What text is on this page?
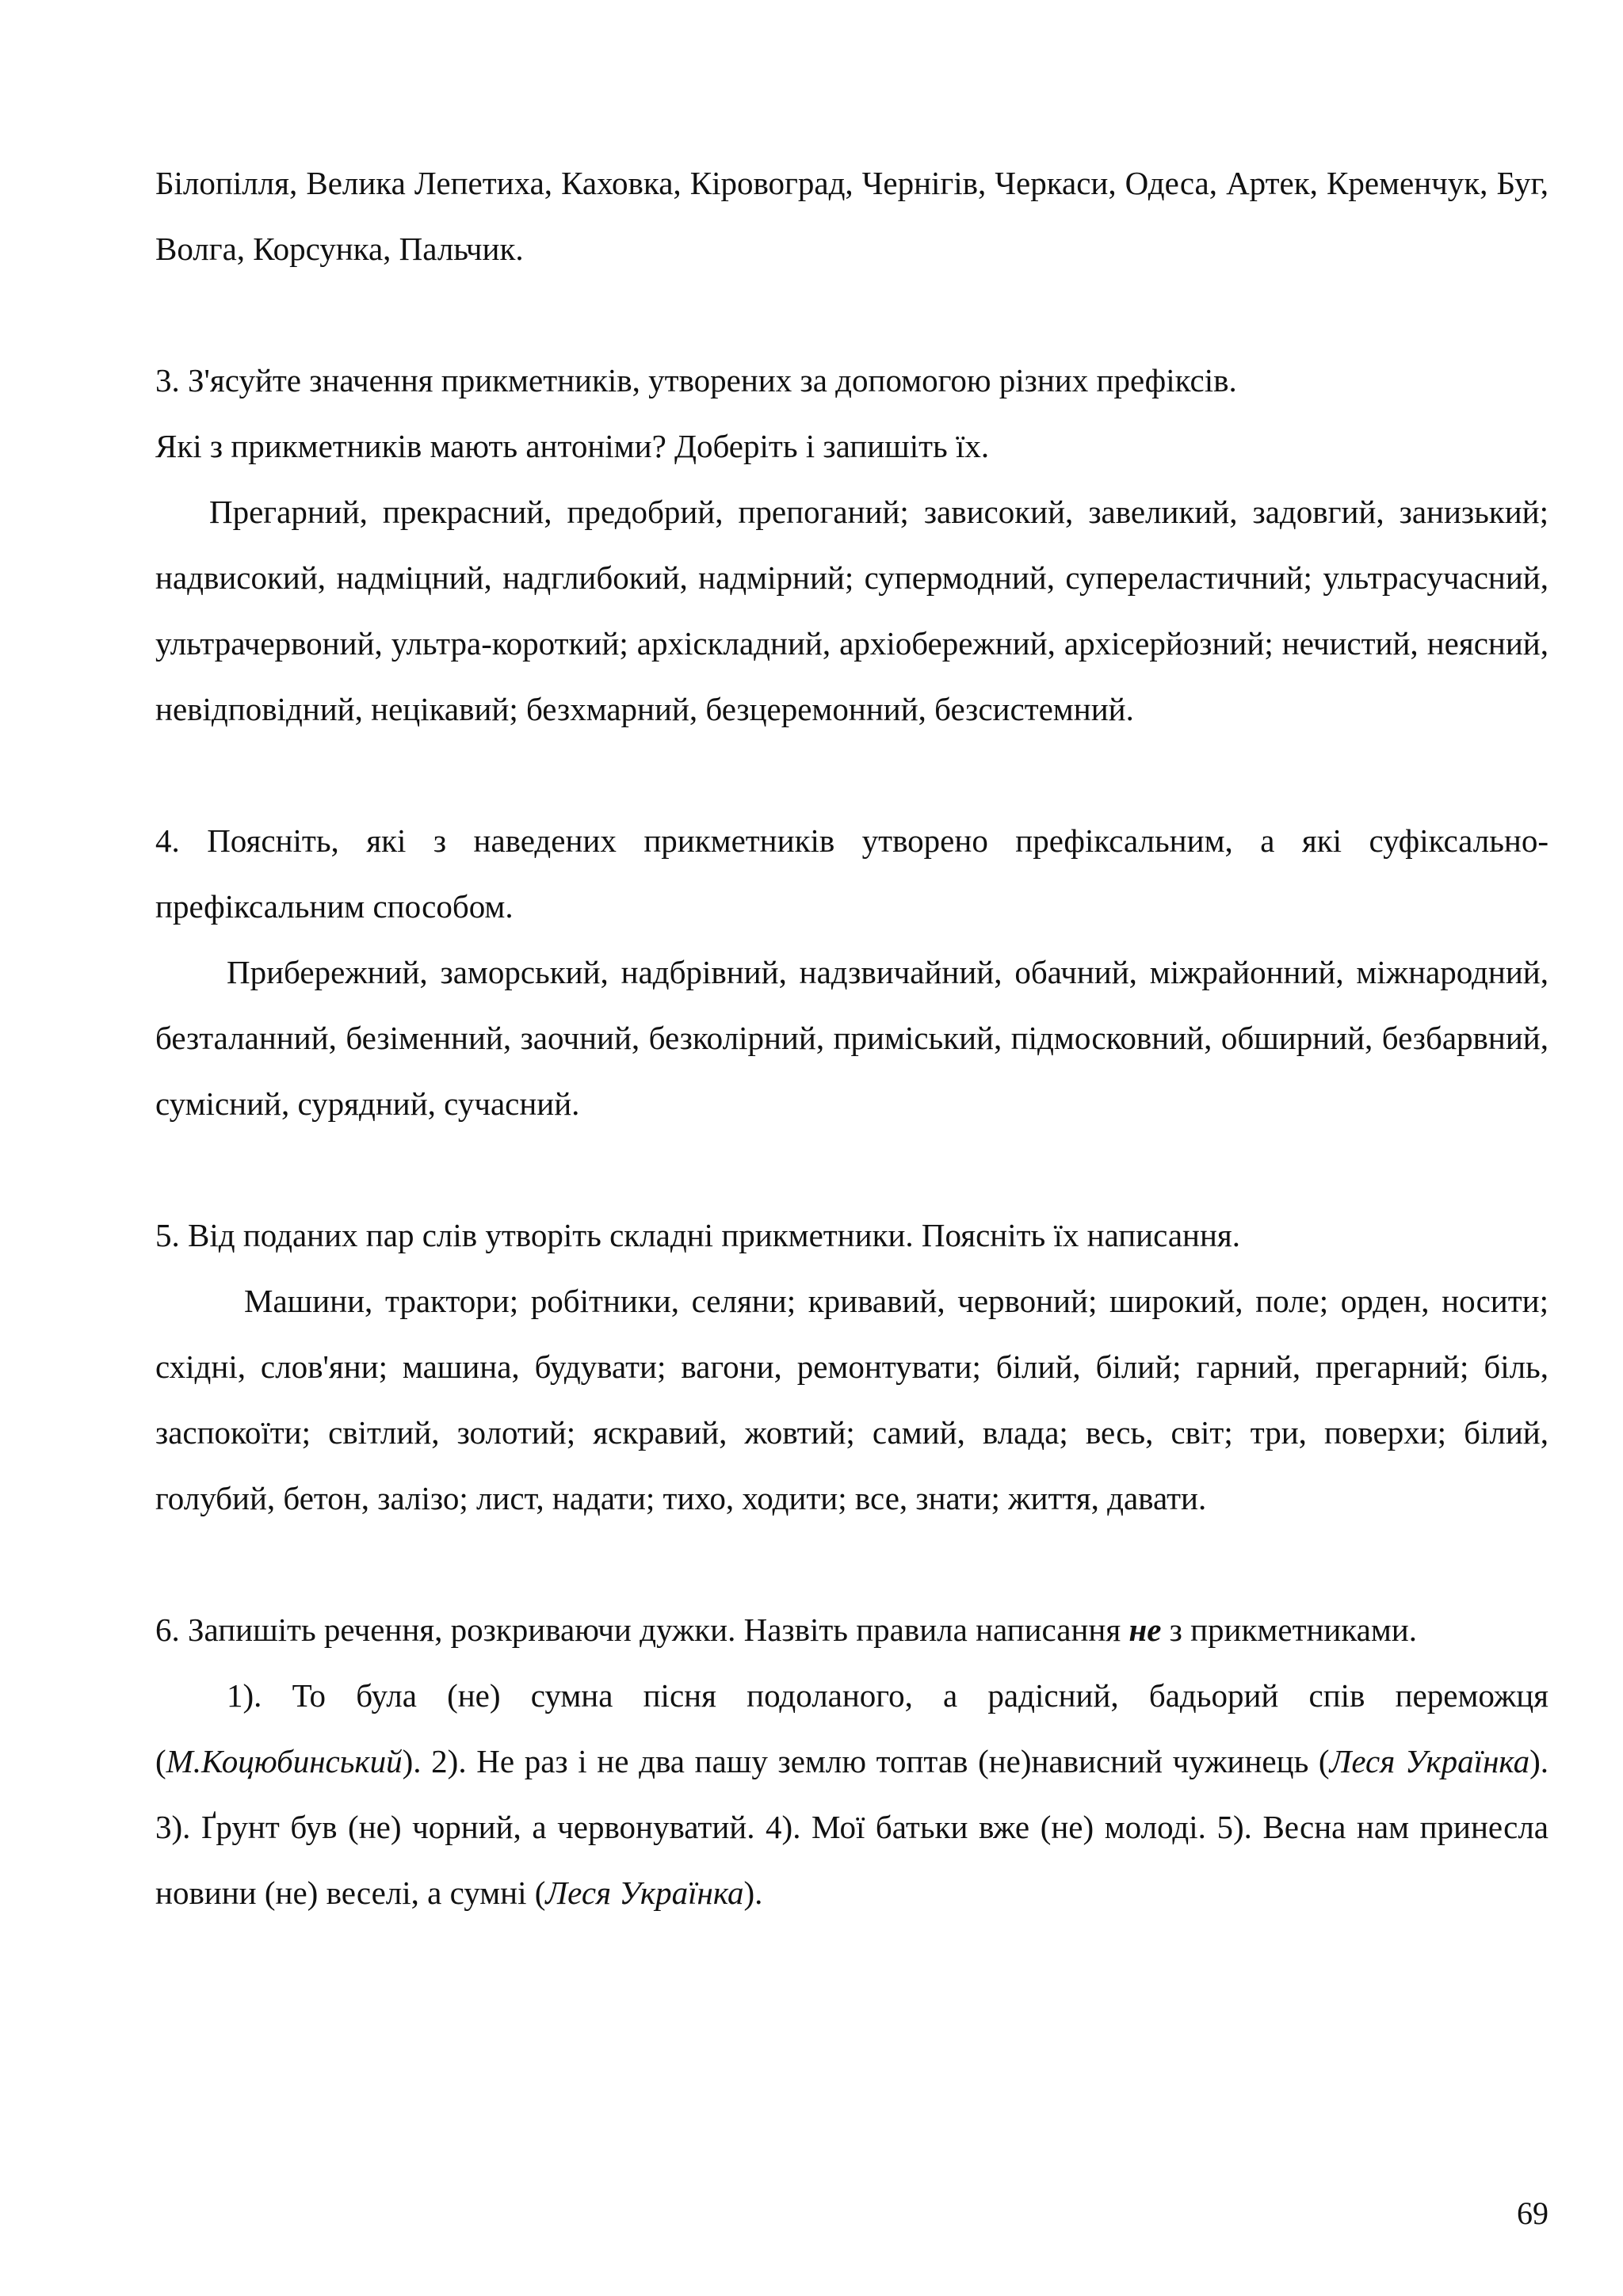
Білопілля, Велика Лепетиха, Каховка, Кіровоград, Чернігів, Черкаси, Одеса, Артек, Кременчук, Буг, Волга, Корсунка, Пальчик.

3. З'ясуйте значення прикметників, утворених за допомогою різних префіксів.

Які з прикметників мають антоніми? Доберіть і запишіть їх.

Прегарний, прекрасний, предобрий, препоганий; зависокий, завеликий, задовгий, занизький; надвисокий, надміцний, надглибокий, надмірний; супермодний, супереластичний; ультрасучасний, ультрачервоний, ультра-короткий; архіскладний, архіобережний, архісерйозний; нечистий, неясний, невідповідний, нецікавий; безхмарний, безцеремонний, безсистемний.

4. Поясніть, які з наведених прикметників утворено префіксальним, а які суфіксально-префіксальним способом.

Прибережний, заморський, надбрівний, надзвичайний, обачний, міжрайонний, міжнародний, безталанний, безіменний, заочний, безколірний, приміський, підмосковний, обширний, безбарвний, сумісний, сурядний, сучасний.

5. Від поданих пар слів утворіть складні прикметники. Поясніть їх написання.

Машини, трактори; робітники, селяни; кривавий, червоний; широкий, поле; орден, носити; східні, слов'яни; машина, будувати; вагони, ремонтувати; білий, білий; гарний, прегарний; біль, заспокоїти; світлий, золотий; яскравий, жовтий; самий, влада; весь, світ; три, поверхи; білий, голубий, бетон, залізо; лист, надати; тихо, ходити; все, знати; життя, давати.

6. Запишіть речення, розкриваючи дужки. Назвіть правила написання не з прикметниками.

1). То була (не) сумна пісня подоланого, а радісний, бадьорий спів переможця (М.Коцюбинський). 2). Не раз і не два пашу землю топтав (не)нависний чужинець (Леся Українка). 3). Ґрунт був (не) чорний, а червонуватий. 4). Мої батьки вже (не) молоді. 5). Весна нам принесла новини (не) веселі, а сумні (Леся Українка).

69
